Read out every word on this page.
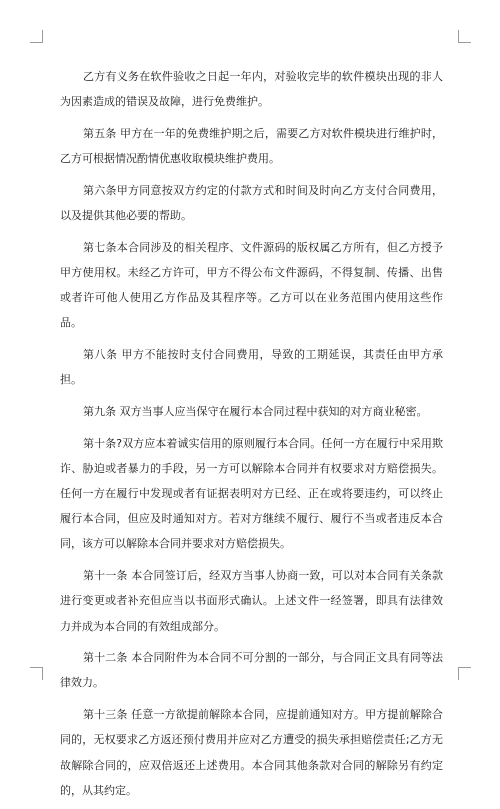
乙方有义务在软件验收之日起一年内，对验收完毕的软件模块出现的非人为因素造成的错误及故障，进行免费维护。

第五条 甲方在一年的免费维护期之后，需要乙方对软件模块进行维护时，乙方可根据情况酌情优惠收取模块维护费用。

第六条甲方同意按双方约定的付款方式和时间及时向乙方支付合同费用，以及提供其他必要的帮助。

第七条本合同涉及的相关程序、文件源码的版权属乙方所有，但乙方授予甲方使用权。未经乙方许可，甲方不得公布文件源码，不得复制、传播、出售或者许可他人使用乙方作品及其程序等。乙方可以在业务范围内使用这些作品。

第八条 甲方不能按时支付合同费用，导致的工期延误，其责任由甲方承担。

第九条 双方当事人应当保守在履行本合同过程中获知的对方商业秘密。

第十条?双方应本着诚实信用的原则履行本合同。任何一方在履行中采用欺诈、胁迫或者暴力的手段，另一方可以解除本合同并有权要求对方赔偿损失。任何一方在履行中发现或者有证据表明对方已经、正在或将要违约，可以终止履行本合同，但应及时通知对方。若对方继续不履行、履行不当或者违反本合同，该方可以解除本合同并要求对方赔偿损失。

第十一条 本合同签订后，经双方当事人协商一致，可以对本合同有关条款进行变更或者补充但应当以书面形式确认。上述文件一经签署，即具有法律效力并成为本合同的有效组成部分。

第十二条 本合同附件为本合同不可分割的一部分，与合同正文具有同等法律效力。

第十三条 任意一方欲提前解除本合同，应提前通知对方。甲方提前解除合同的，无权要求乙方返还预付费用并应对乙方遭受的损失承担赔偿责任;乙方无故解除合同的，应双倍返还上述费用。本合同其他条款对合同的解除另有约定的，从其约定。
